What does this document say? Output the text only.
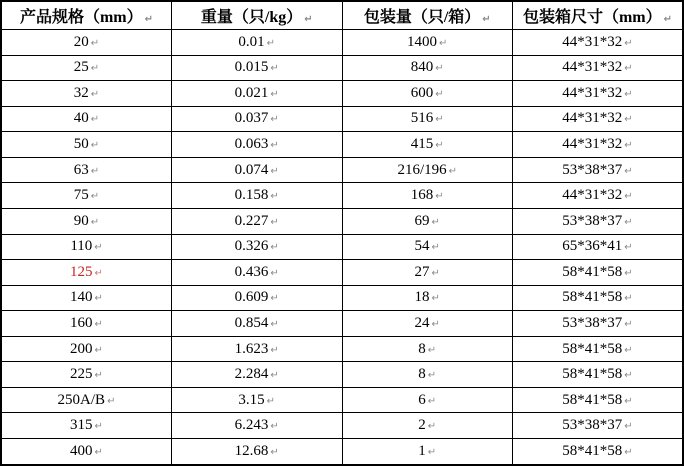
产品规格（mm） ↵	重量（只/kg） ↵	包装量（只/箱） ↵	包装箱尺寸（mm） ↵
20 ↵	0.01 ↵	1400 ↵	44*31*32 ↵
25 ↵	0.015 ↵	840 ↵	44*31*32 ↵
32 ↵	0.021 ↵	600 ↵	44*31*32 ↵
40 ↵	0.037 ↵	516 ↵	44*31*32 ↵
50 ↵	0.063 ↵	415 ↵	44*31*32 ↵
63 ↵	0.074 ↵	216/196 ↵	53*38*37 ↵
75 ↵	0.158 ↵	168 ↵	44*31*32 ↵
90 ↵	0.227 ↵	69 ↵	53*38*37 ↵
110 ↵	0.326 ↵	54 ↵	65*36*41 ↵
125 ↵	0.436 ↵	27 ↵	58*41*58 ↵
140 ↵	0.609 ↵	18 ↵	58*41*58 ↵
160 ↵	0.854 ↵	24 ↵	53*38*37 ↵
200 ↵	1.623 ↵	8 ↵	58*41*58 ↵
225 ↵	2.284 ↵	8 ↵	58*41*58 ↵
250A/B ↵	3.15 ↵	6 ↵	58*41*58 ↵
315 ↵	6.243 ↵	2 ↵	53*38*37 ↵
400 ↵	12.68 ↵	1 ↵	58*41*58 ↵
